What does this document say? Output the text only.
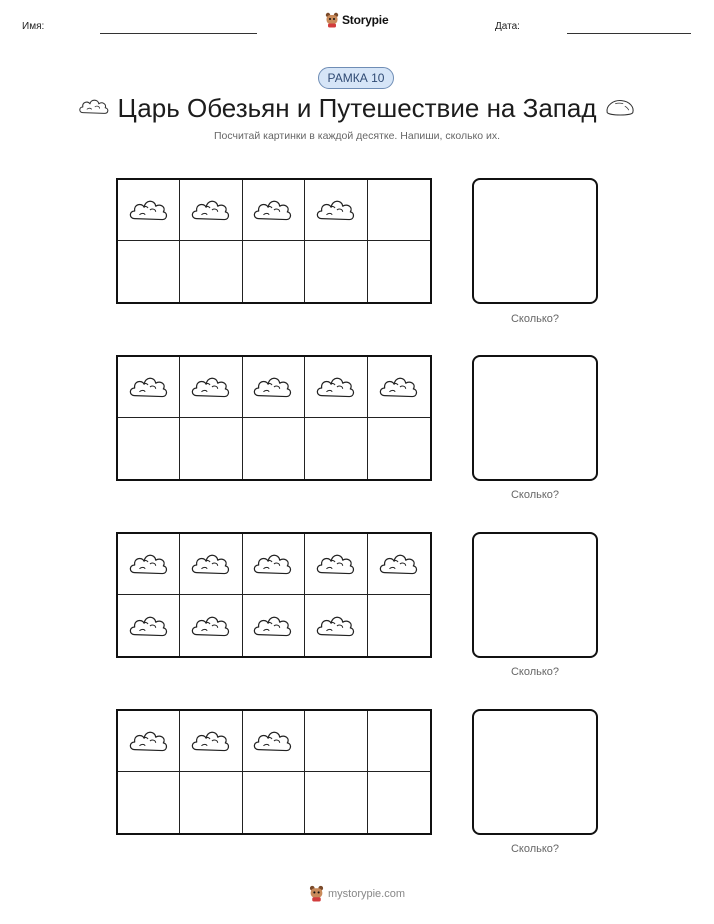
Имя:	Storypie	Дата:
РАМКА 10
Царь Обезьян и Путешествие на Запад
Посчитай картинки в каждой десятке. Напиши, сколько их.
Сколько?
Сколько?
Сколько?
Сколько?
mystorypie.com
